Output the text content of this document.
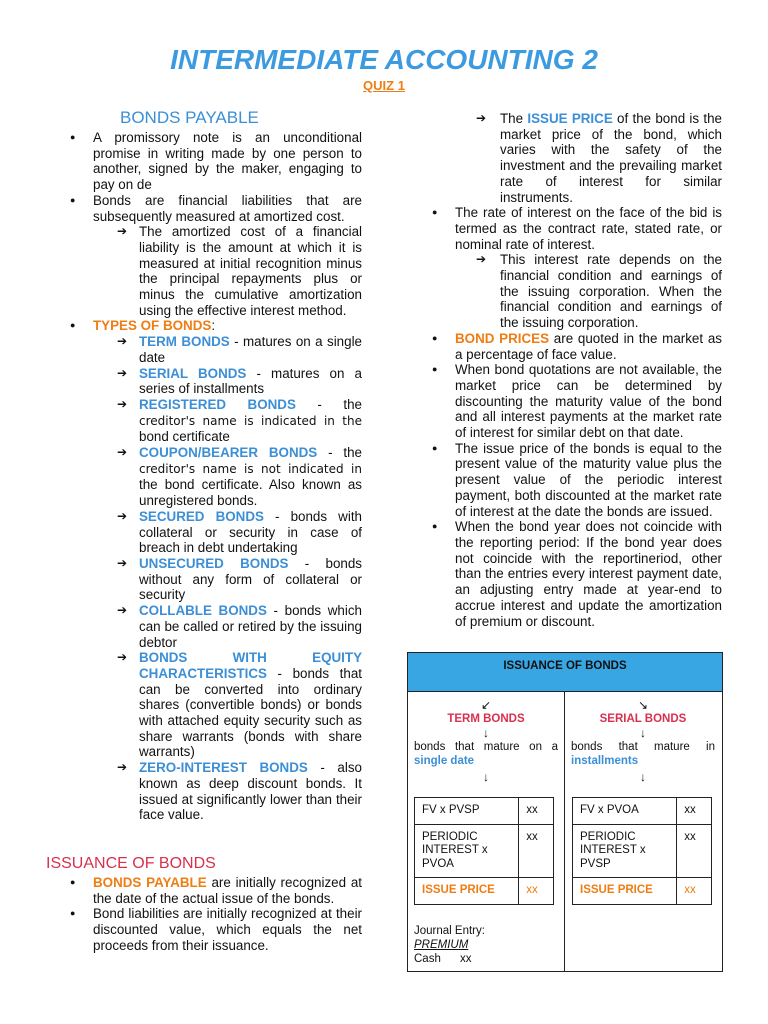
INTERMEDIATE ACCOUNTING 2
QUIZ 1
BONDS PAYABLE
● A promissory note is an unconditional promise in writing made by one person to another, signed by the maker, engaging to pay on de
● Bonds are financial liabilities that are subsequently measured at amortized cost.
➔ The amortized cost of a financial liability is the amount at which it is measured at initial recognition minus the principal repayments plus or minus the cumulative amortization using the effective interest method.
● TYPES OF BONDS:
➔ TERM BONDS - matures on a single date
➔ SERIAL BONDS - matures on a series of installments
➔ REGISTERED BONDS - the creditor's name is indicated in the bond certificate
➔ COUPON/BEARER BONDS - the creditor's name is not indicated in the bond certificate. Also known as unregistered bonds.
➔ SECURED BONDS - bonds with collateral or security in case of breach in debt undertaking
➔ UNSECURED BONDS - bonds without any form of collateral or security
➔ COLLABLE BONDS - bonds which can be called or retired by the issuing debtor
➔ BONDS WITH EQUITY CHARACTERISTICS - bonds that can be converted into ordinary shares (convertible bonds) or bonds with attached equity security such as share warrants (bonds with share warrants)
➔ ZERO-INTEREST BONDS - also known as deep discount bonds. It issued at significantly lower than their face value.
ISSUANCE OF BONDS
● BONDS PAYABLE are initially recognized at the date of the actual issue of the bonds.
● Bond liabilities are initially recognized at their discounted value, which equals the net proceeds from their issuance.
➔ The ISSUE PRICE of the bond is the market price of the bond, which varies with the safety of the investment and the prevailing market rate of interest for similar instruments.
● The rate of interest on the face of the bid is termed as the contract rate, stated rate, or nominal rate of interest.
➔ This interest rate depends on the financial condition and earnings of the issuing corporation. When the financial condition and earnings of the issuing corporation.
● BOND PRICES are quoted in the market as a percentage of face value.
● When bond quotations are not available, the market price can be determined by discounting the maturity value of the bond and all interest payments at the market rate of interest for similar debt on that date.
● The issue price of the bonds is equal to the present value of the maturity value plus the present value of the periodic interest payment, both discounted at the market rate of interest at the date the bonds are issued.
● When the bond year does not coincide with the reporting period: If the bond year does not coincide with the reportineriod, other than the entries every interest payment date, an adjusting entry made at year-end to accrue interest and update the amortization of premium or discount.
ISSUANCE OF BONDS
↙
TERM BONDS
↓
bonds that mature on a single date
↓
FV x PVSP	xx
PERIODIC INTEREST x PVOA	xx
ISSUE PRICE	xx
Journal Entry:
PREMIUM
Cash xx
↘
SERIAL BONDS
↓
bonds that mature in installments
↓
FV x PVOA	xx
PERIODIC INTEREST x PVSP	xx
ISSUE PRICE	xx
